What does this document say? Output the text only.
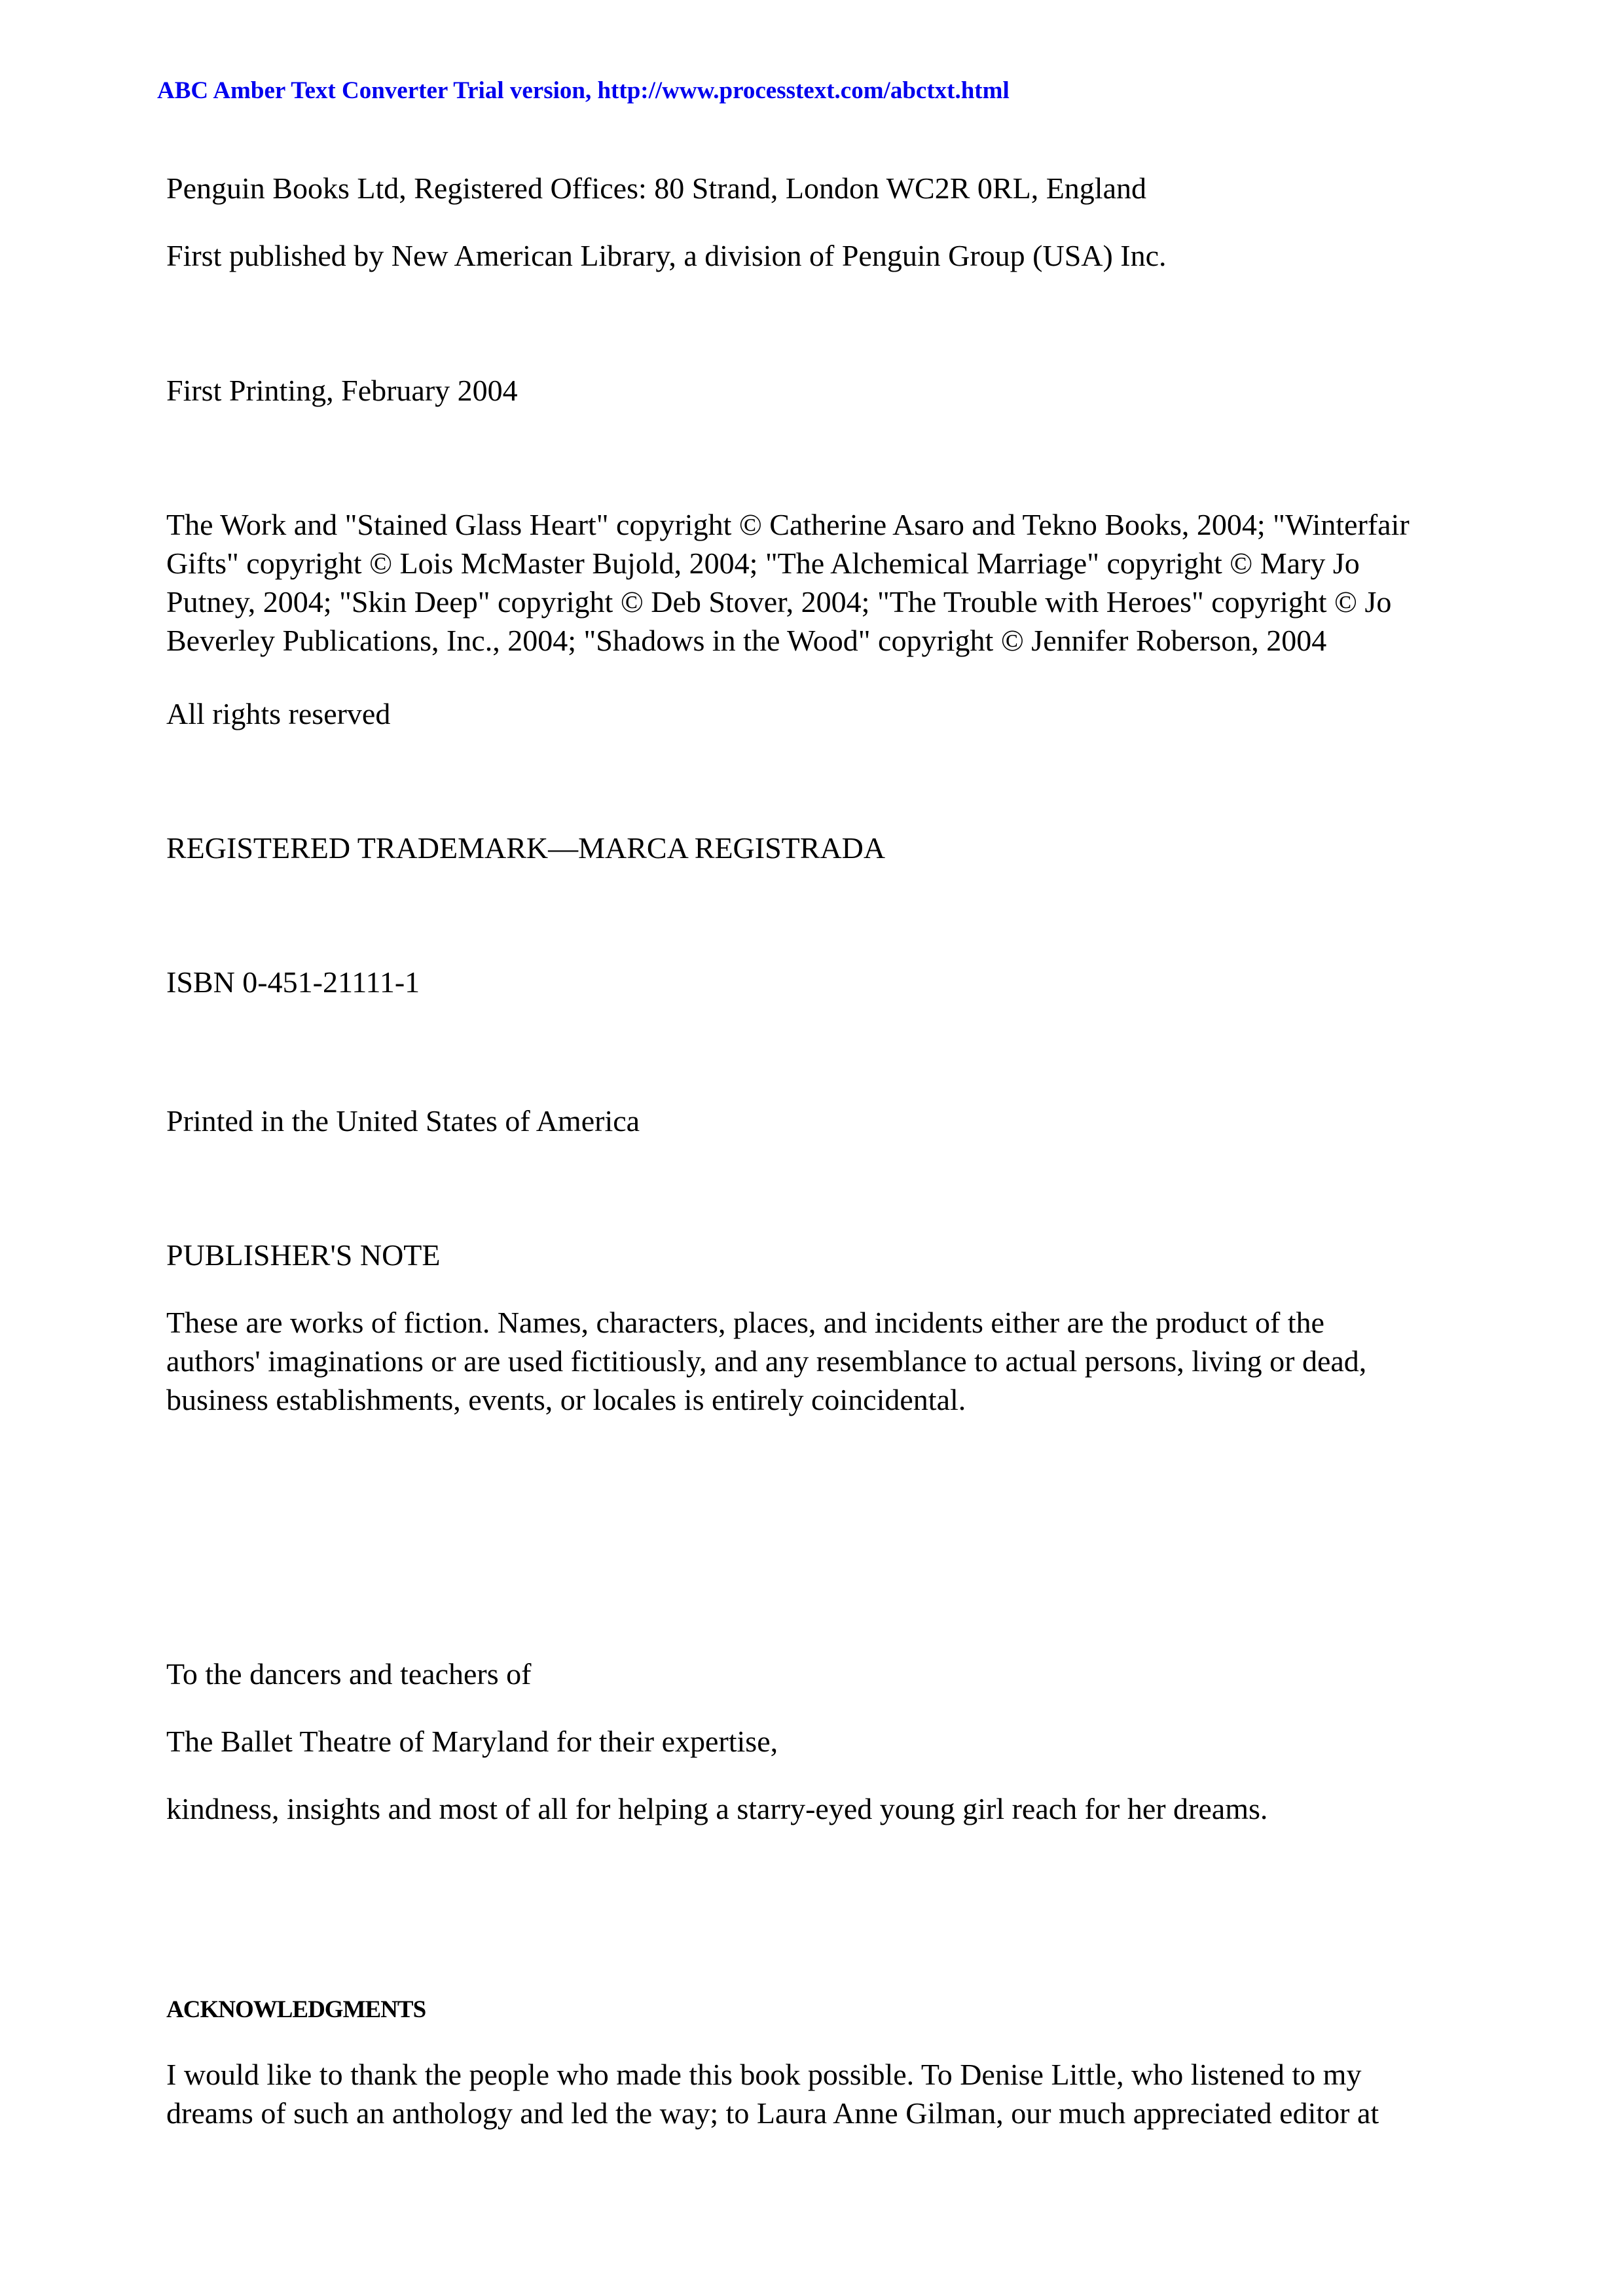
ABC Amber Text Converter Trial version, http://www.processtext.com/abctxt.html
Penguin Books Ltd, Registered Offices: 80 Strand, London WC2R 0RL, England
First published by New American Library, a division of Penguin Group (USA) Inc.
First Printing, February 2004
The Work and "Stained Glass Heart" copyright © Catherine Asaro and Tekno Books, 2004; "Winterfair
Gifts" copyright © Lois McMaster Bujold, 2004; "The Alchemical Marriage" copyright © Mary Jo
Putney, 2004; "Skin Deep" copyright © Deb Stover, 2004; "The Trouble with Heroes" copyright © Jo
Beverley Publications, Inc., 2004; "Shadows in the Wood" copyright © Jennifer Roberson, 2004
All rights reserved
REGISTERED TRADEMARK—MARCA REGISTRADA
ISBN 0-451-21111-1
Printed in the United States of America
PUBLISHER'S NOTE
These are works of fiction. Names, characters, places, and incidents either are the product of the
authors' imaginations or are used fictitiously, and any resemblance to actual persons, living or dead,
business establishments, events, or locales is entirely coincidental.
To the dancers and teachers of
The Ballet Theatre of Maryland for their expertise,
kindness, insights and most of all for helping a starry-eyed young girl reach for her dreams.
ACKNOWLEDGMENTS
I would like to thank the people who made this book possible. To Denise Little, who listened to my
dreams of such an anthology and led the way; to Laura Anne Gilman, our much appreciated editor at
